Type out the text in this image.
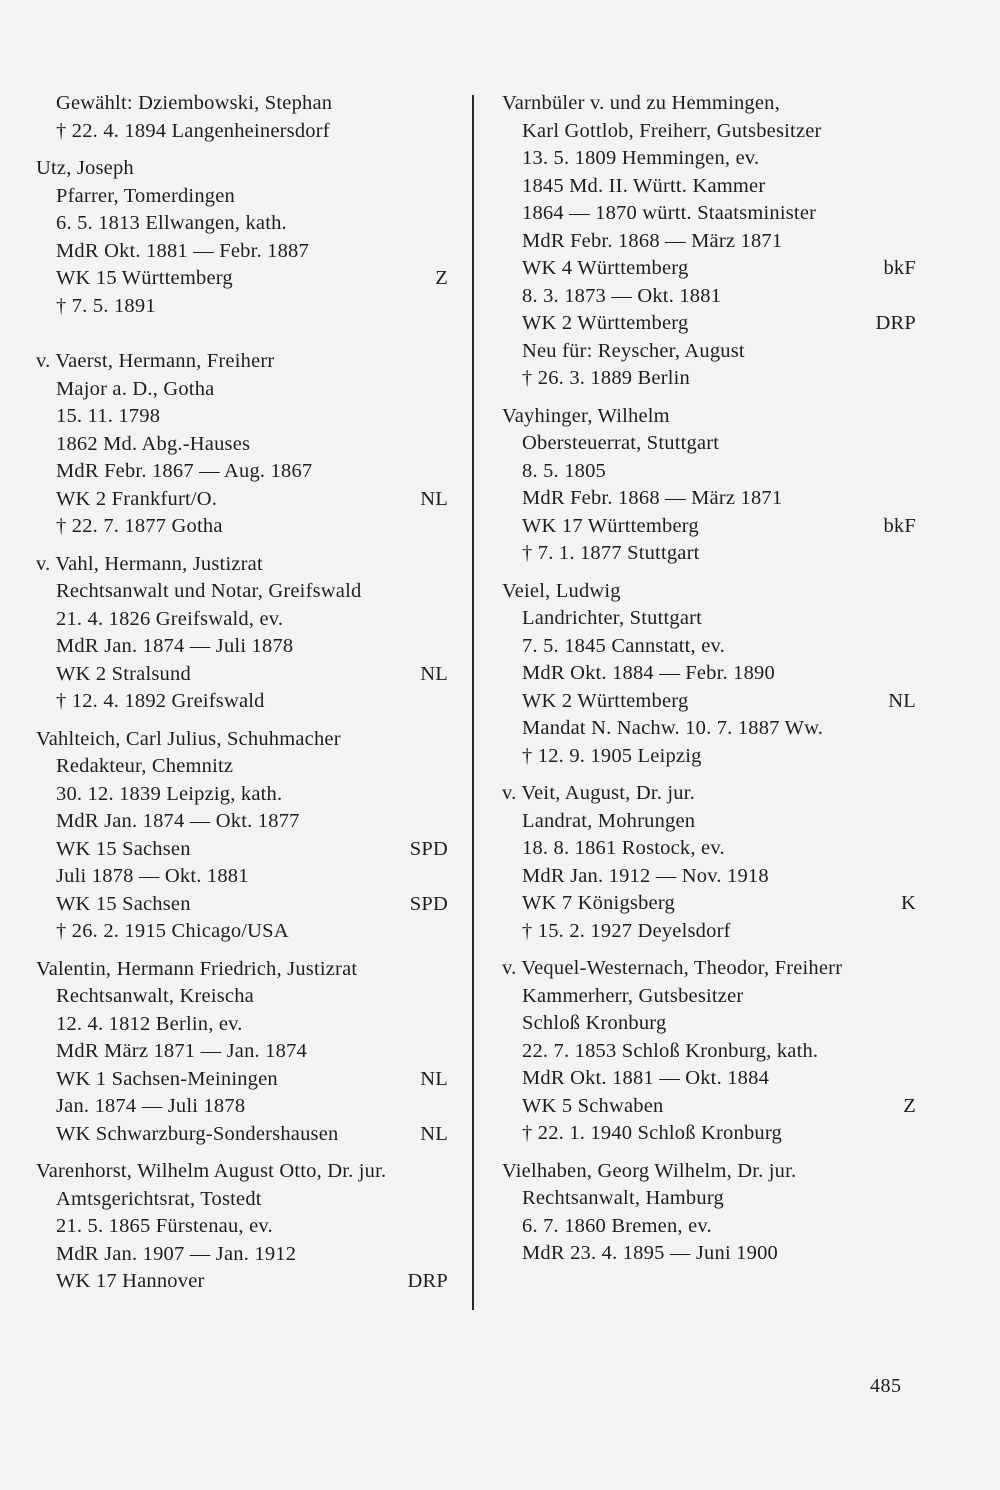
Gewählt: Dziembowski, Stephan
† 22. 4. 1894 Langenheinersdorf
Utz, Joseph
Pfarrer, Tomerdingen
6. 5. 1813 Ellwangen, kath.
MdR Okt. 1881 — Febr. 1887
WK 15 Württemberg	Z
† 7. 5. 1891
v. Vaerst, Hermann, Freiherr
Major a. D., Gotha
15. 11. 1798
1862 Md. Abg.-Hauses
MdR Febr. 1867 — Aug. 1867
WK 2 Frankfurt/O.	NL
† 22. 7. 1877 Gotha
v. Vahl, Hermann, Justizrat
Rechtsanwalt und Notar, Greifswald
21. 4. 1826 Greifswald, ev.
MdR Jan. 1874 — Juli 1878
WK 2 Stralsund	NL
† 12. 4. 1892 Greifswald
Vahlteich, Carl Julius, Schuhmacher
Redakteur, Chemnitz
30. 12. 1839 Leipzig, kath.
MdR Jan. 1874 — Okt. 1877
WK 15 Sachsen	SPD
Juli 1878 — Okt. 1881
WK 15 Sachsen	SPD
† 26. 2. 1915 Chicago/USA
Valentin, Hermann Friedrich, Justizrat
Rechtsanwalt, Kreischa
12. 4. 1812 Berlin, ev.
MdR März 1871 — Jan. 1874
WK 1 Sachsen-Meiningen	NL
Jan. 1874 — Juli 1878
WK Schwarzburg-Sondershausen	NL
Varenhorst, Wilhelm August Otto, Dr. jur.
Amtsgerichtsrat, Tostedt
21. 5. 1865 Fürstenau, ev.
MdR Jan. 1907 — Jan. 1912
WK 17 Hannover	DRP
Varnbüler v. und zu Hemmingen,
Karl Gottlob, Freiherr, Gutsbesitzer
13. 5. 1809 Hemmingen, ev.
1845 Md. II. Württ. Kammer
1864 — 1870 württ. Staatsminister
MdR Febr. 1868 — März 1871
WK 4 Württemberg	bkF
8. 3. 1873 — Okt. 1881
WK 2 Württemberg	DRP
Neu für: Reyscher, August
† 26. 3. 1889 Berlin
Vayhinger, Wilhelm
Obersteuerrat, Stuttgart
8. 5. 1805
MdR Febr. 1868 — März 1871
WK 17 Württemberg	bkF
† 7. 1. 1877 Stuttgart
Veiel, Ludwig
Landrichter, Stuttgart
7. 5. 1845 Cannstatt, ev.
MdR Okt. 1884 — Febr. 1890
WK 2 Württemberg	NL
Mandat N. Nachw. 10. 7. 1887 Ww.
† 12. 9. 1905 Leipzig
v. Veit, August, Dr. jur.
Landrat, Mohrungen
18. 8. 1861 Rostock, ev.
MdR Jan. 1912 — Nov. 1918
WK 7 Königsberg	K
† 15. 2. 1927 Deyelsdorf
v. Vequel-Westernach, Theodor, Freiherr
Kammerherr, Gutsbesitzer
Schloß Kronburg
22. 7. 1853 Schloß Kronburg, kath.
MdR Okt. 1881 — Okt. 1884
WK 5 Schwaben	Z
† 22. 1. 1940 Schloß Kronburg
Vielhaben, Georg Wilhelm, Dr. jur.
Rechtsanwalt, Hamburg
6. 7. 1860 Bremen, ev.
MdR 23. 4. 1895 — Juni 1900
485
